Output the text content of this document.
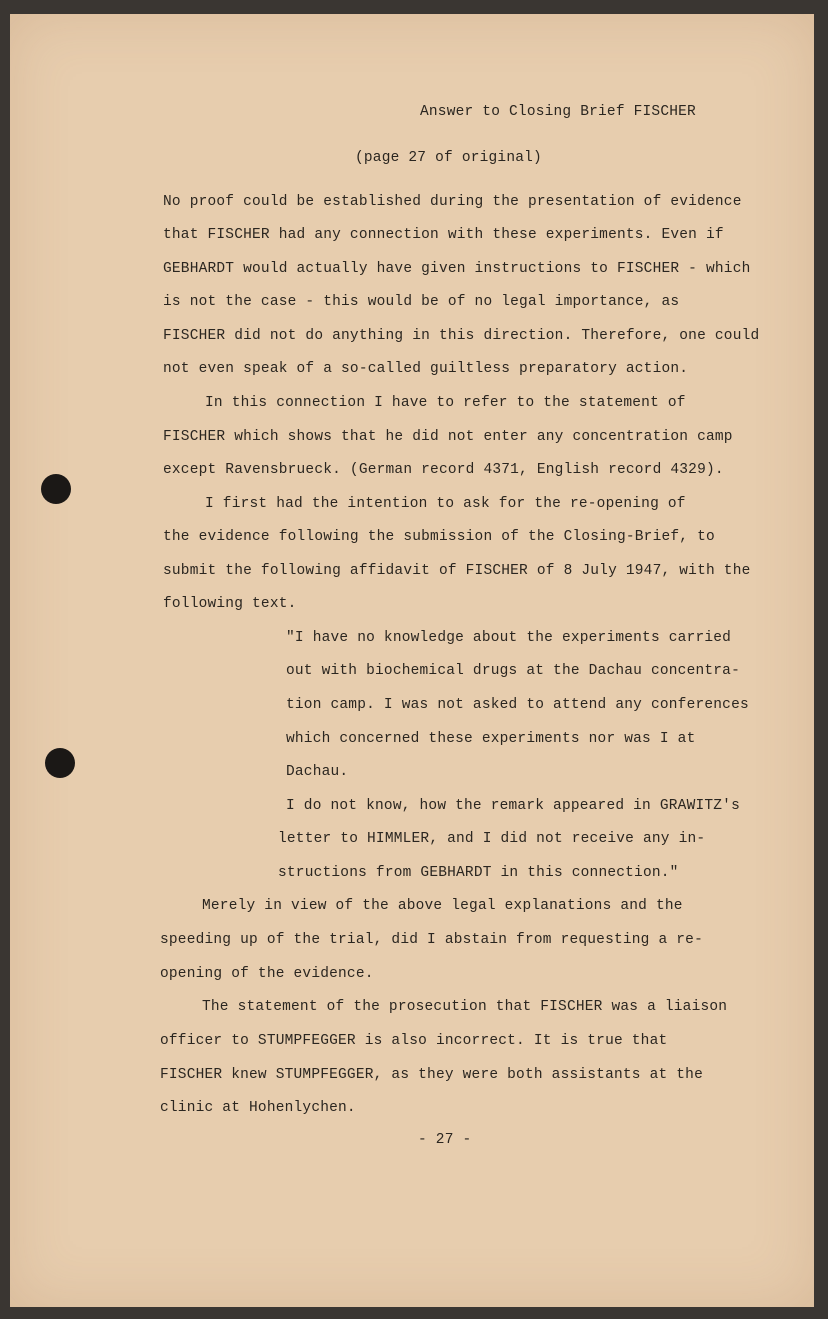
Answer to Closing Brief FISCHER
(page 27 of original)
No proof could be established during the presentation of evidence
that FISCHER had any connection with these experiments. Even if
GEBHARDT would actually have given instructions to FISCHER - which
is not the case - this would be of no legal importance, as
FISCHER did not do anything in this direction. Therefore, one could
not even speak of a so-called guiltless preparatory action.
In this connection I have to refer to the statement of
FISCHER which shows that he did not enter any concentration camp
except Ravensbrueck. (German record 4371, English record 4329).
I first had the intention to ask for the re-opening of
the evidence following the submission of the Closing-Brief, to
submit the following affidavit of FISCHER of 8 July 1947, with the
following text.
"I have no knowledge about the experiments carried
out with biochemical drugs at the Dachau concentra-
tion camp. I was not asked to attend any conferences
which concerned these experiments nor was I at
Dachau.
I do not know, how the remark appeared in GRAWITZ's
letter to HIMMLER, and I did not receive any in-
structions from GEBHARDT in this connection."
Merely in view of the above legal explanations and the
speeding up of the trial, did I abstain from requesting a re-
opening of the evidence.
The statement of the prosecution that FISCHER was a liaison
officer to STUMPFEGGER is also incorrect. It is true that
FISCHER knew STUMPFEGGER, as they were both assistants at the
clinic at Hohenlychen.
- 27 -
